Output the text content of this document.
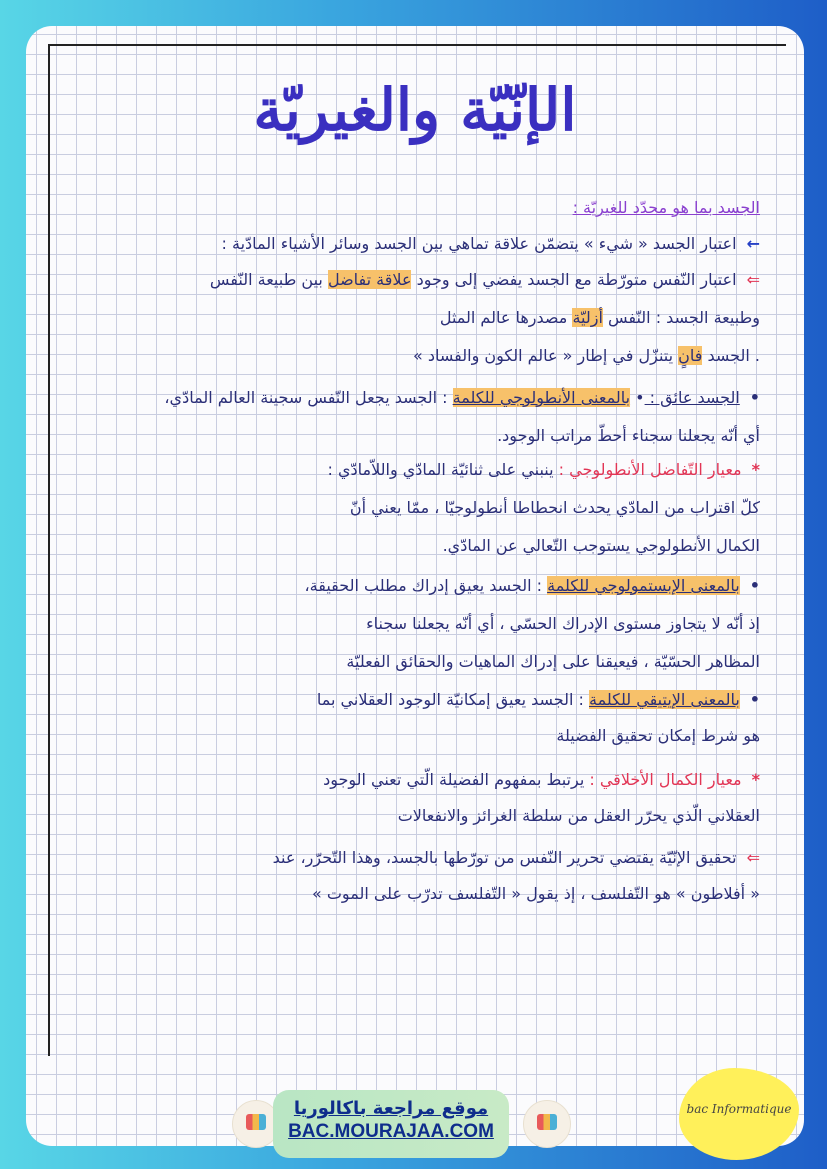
الإنّيّة والغيريّة
الجسد بما هو محدّد للغيريّة :
←اعتبار الجسد « شيء » يتضمّن علاقة تماهي بين الجسد وسائر الأشياء المادّية :
⇐اعتبار النّفس متورّطة مع الجسد يفضي إلى وجود علاقة تفاضل بين طبيعة النّفس
وطبيعة الجسد : النّفس أزليّة مصدرها عالم المثل
. الجسد فانٍ يتنزّل في إطار « عالم الكون والفساد »
•الجسد عائق : • بالمعنى الأنطولوجي للكلمة : الجسد يجعل النّفس سجينة العالم المادّي،
أي أنّه يجعلنا سجناء أحطّ مراتب الوجود.
*معيار التّفاضل الأنطولوجي : ينبني على ثنائيّة المادّي واللاّمادّي :
كلّ اقتراب من المادّي يحدث انحطاطا أنطولوجيّا ، ممّا يعني أنّ
الكمال الأنطولوجي يستوجب التّعالي عن المادّي.
•بالمعنى الإبستمولوجي للكلمة : الجسد يعيق إدراك مطلب الحقيقة،
إذ أنّه لا يتجاوز مستوى الإدراك الحسّي ، أي أنّه يجعلنا سجناء
المظاهر الحسّيّة ، فيعيقنا على إدراك الماهيات والحقائق الفعليّة
•بالمعنى الإيتيقي للكلمة : الجسد يعيق إمكانيّة الوجود العقلاني بما
هو شرط إمكان تحقيق الفضيلة
*معيار الكمال الأخلاقي : يرتبط بمفهوم الفضيلة الّتي تعني الوجود
العقلاني الّذي يحرّر العقل من سلطة الغرائز والانفعالات
⇐تحقيق الإنّيّة يقتضي تحرير النّفس من تورّطها بالجسد، وهذا التّحرّر، عند
« أفلاطون » هو التّفلسف ، إذ يقول « التّفلسف تدرّب على الموت »
موقع مراجعة باكالوريا
BAC.MOURAJAA.COM
bac Informatique
